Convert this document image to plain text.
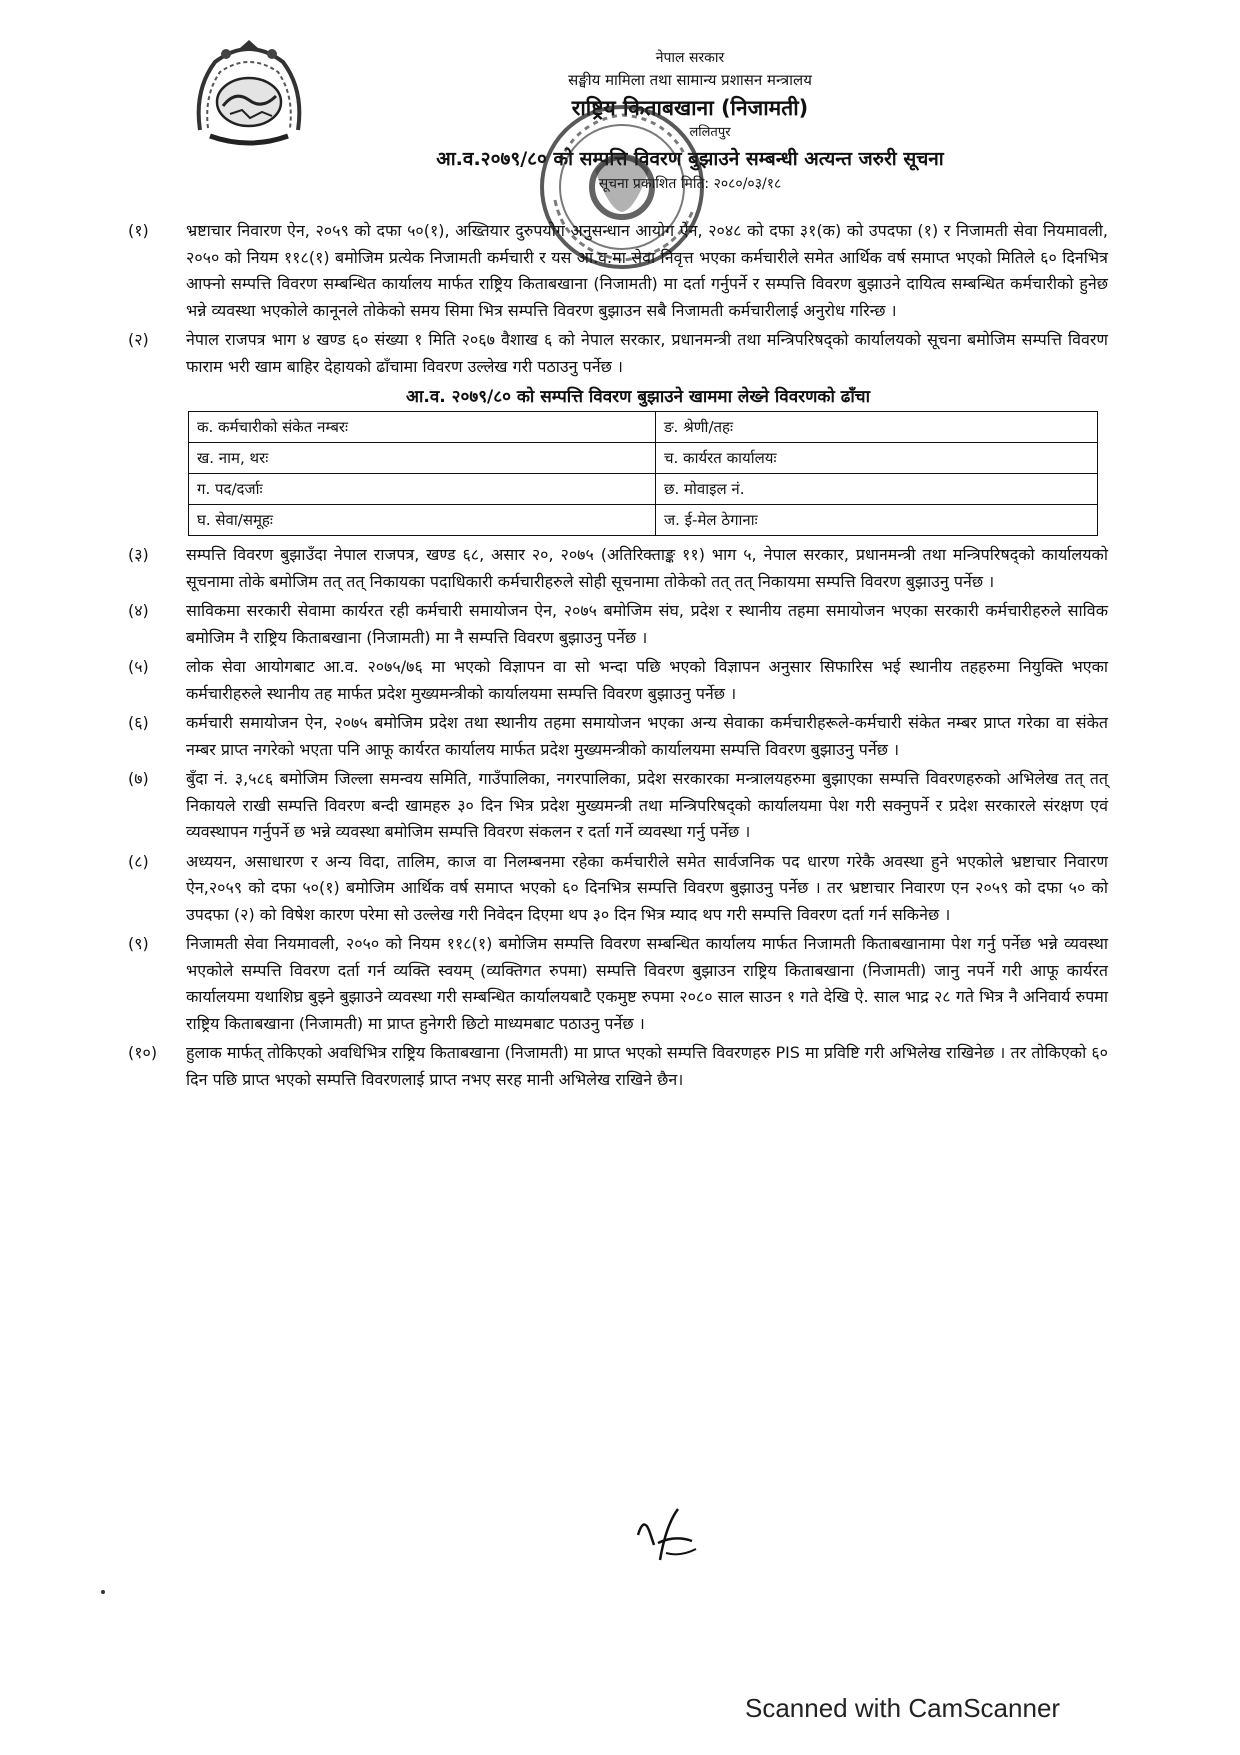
नेपाल सरकार
सङ्घीय मामिला तथा सामान्य प्रशासन मन्त्रालय
राष्ट्रिय किताबखाना (निजामती)
ललितपुर
आ.व.२०७९/८० को सम्पत्ति विवरण बुझाउने सम्बन्धी अत्यन्त जरुरी सूचना
सूचना प्रकाशित मिति: २०८०/०३/१८
(१)	भ्रष्टाचार निवारण ऐन, २०५९ को दफा ५०(१), अख्तियार दुरुपयोग अनुसन्धान आयोग ऐन, २०४८ को दफा ३१(क) को उपदफा (१) र निजामती सेवा नियमावली, २०५० को नियम ११८(१) बमोजिम प्रत्येक निजामती कर्मचारी र यस आ.व.मा सेवा निवृत्त भएका कर्मचारीले समेत आर्थिक वर्ष समाप्त भएको मितिले ६० दिनभित्र आफ्नो सम्पत्ति विवरण सम्बन्धित कार्यालय मार्फत राष्ट्रिय किताबखाना (निजामती) मा दर्ता गर्नुपर्ने र सम्पत्ति विवरण बुझाउने दायित्व सम्बन्धित कर्मचारीको हुनेछ भन्ने व्यवस्था भएकोले कानूनले तोकेको समय सिमा भित्र सम्पत्ति विवरण बुझाउन सबै निजामती कर्मचारीलाई अनुरोध गरिन्छ ।
(२)	नेपाल राजपत्र भाग ४ खण्ड ६० संख्या १ मिति २०६७ वैशाख ६ को नेपाल सरकार, प्रधानमन्त्री तथा मन्त्रिपरिषद्को कार्यालयको सूचना बमोजिम सम्पत्ति विवरण फाराम भरी खाम बाहिर देहायको ढाँचामा विवरण उल्लेख गरी पठाउनु पर्नेछ ।
आ.व. २०७९/८० को सम्पत्ति विवरण बुझाउने खाममा लेख्ने विवरणको ढाँचा
क. कर्मचारीको संकेत नम्बरः	ङ. श्रेणी/तहः
ख. नाम, थरः	च. कार्यरत कार्यालयः
ग. पद/दर्जाः	छ. मोवाइल नं.
घ. सेवा/समूहः	ज. ई-मेल ठेगानाः
(३)	सम्पत्ति विवरण बुझाउँदा नेपाल राजपत्र, खण्ड ६८, असार २०, २०७५ (अतिरिक्ताङ्क ११) भाग ५, नेपाल सरकार, प्रधानमन्त्री तथा मन्त्रिपरिषद्को कार्यालयको सूचनामा तोके बमोजिम तत् तत् निकायका पदाधिकारी कर्मचारीहरुले सोही सूचनामा तोकेको तत् तत् निकायमा सम्पत्ति विवरण बुझाउनु पर्नेछ ।
(४)	साविकमा सरकारी सेवामा कार्यरत रही कर्मचारी समायोजन ऐन, २०७५ बमोजिम संघ, प्रदेश र स्थानीय तहमा समायोजन भएका सरकारी कर्मचारीहरुले साविक बमोजिम नै राष्ट्रिय किताबखाना (निजामती) मा नै सम्पत्ति विवरण बुझाउनु पर्नेछ ।
(५)	लोक सेवा आयोगबाट आ.व. २०७५/७६ मा भएको विज्ञापन वा सो भन्दा पछि भएको विज्ञापन अनुसार सिफारिस भई स्थानीय तहहरुमा नियुक्ति भएका कर्मचारीहरुले स्थानीय तह मार्फत प्रदेश मुख्यमन्त्रीको कार्यालयमा सम्पत्ति विवरण बुझाउनु पर्नेछ ।
(६)	कर्मचारी समायोजन ऐन, २०७५ बमोजिम प्रदेश तथा स्थानीय तहमा समायोजन भएका अन्य सेवाका कर्मचारीहरूले-कर्मचारी संकेत नम्बर प्राप्त गरेका वा संकेत नम्बर प्राप्त नगरेको भएता पनि आफू कार्यरत कार्यालय मार्फत प्रदेश मुख्यमन्त्रीको कार्यालयमा सम्पत्ति विवरण बुझाउनु पर्नेछ ।
(७)	बुँदा नं. ३,५८६ बमोजिम जिल्ला समन्वय समिति, गाउँपालिका, नगरपालिका, प्रदेश सरकारका मन्त्रालयहरुमा बुझाएका सम्पत्ति विवरणहरुको अभिलेख तत् तत् निकायले राखी सम्पत्ति विवरण बन्दी खामहरु ३० दिन भित्र प्रदेश मुख्यमन्त्री तथा मन्त्रिपरिषद्को कार्यालयमा पेश गरी सक्नुपर्ने र प्रदेश सरकारले संरक्षण एवं व्यवस्थापन गर्नुपर्ने छ भन्ने व्यवस्था बमोजिम सम्पत्ति विवरण संकलन र दर्ता गर्ने व्यवस्था गर्नु पर्नेछ ।
(८)	अध्ययन, असाधारण र अन्य विदा, तालिम, काज वा निलम्बनमा रहेका कर्मचारीले समेत सार्वजनिक पद धारण गरेकै अवस्था हुने भएकोले भ्रष्टाचार निवारण ऐन,२०५९ को दफा ५०(१) बमोजिम आर्थिक वर्ष समाप्त भएको ६० दिनभित्र सम्पत्ति विवरण बुझाउनु पर्नेछ । तर भ्रष्टाचार निवारण एन २०५९ को दफा ५० को उपदफा (२) को विषेश कारण परेमा सो उल्लेख गरी निवेदन दिएमा थप ३० दिन भित्र म्याद थप गरी सम्पत्ति विवरण दर्ता गर्न सकिनेछ ।
(९)	निजामती सेवा नियमावली, २०५० को नियम ११८(१) बमोजिम सम्पत्ति विवरण सम्बन्धित कार्यालय मार्फत निजामती किताबखानामा पेश गर्नु पर्नेछ भन्ने व्यवस्था भएकोले सम्पत्ति विवरण दर्ता गर्न व्यक्ति स्वयम् (व्यक्तिगत रुपमा) सम्पत्ति विवरण बुझाउन राष्ट्रिय किताबखाना (निजामती) जानु नपर्ने गरी आफू कार्यरत कार्यालयमा यथाशिघ्र बुझ्ने बुझाउने व्यवस्था गरी सम्बन्धित कार्यालयबाटै एकमुष्ट रुपमा २०८० साल साउन १ गते देखि ऐ. साल भाद्र २८ गते भित्र नै अनिवार्य रुपमा राष्ट्रिय किताबखाना (निजामती) मा प्राप्त हुनेगरी छिटो माध्यमबाट पठाउनु पर्नेछ ।
(१०)	हुलाक मार्फत् तोकिएको अवधिभित्र राष्ट्रिय किताबखाना (निजामती) मा प्राप्त भएको सम्पत्ति विवरणहरु PIS मा प्रविष्टि गरी अभिलेख राखिनेछ । तर तोकिएको ६० दिन पछि प्राप्त भएको सम्पत्ति विवरणलाई प्राप्त नभए सरह मानी अभिलेख राखिने छैन।
Scanned with CamScanner
